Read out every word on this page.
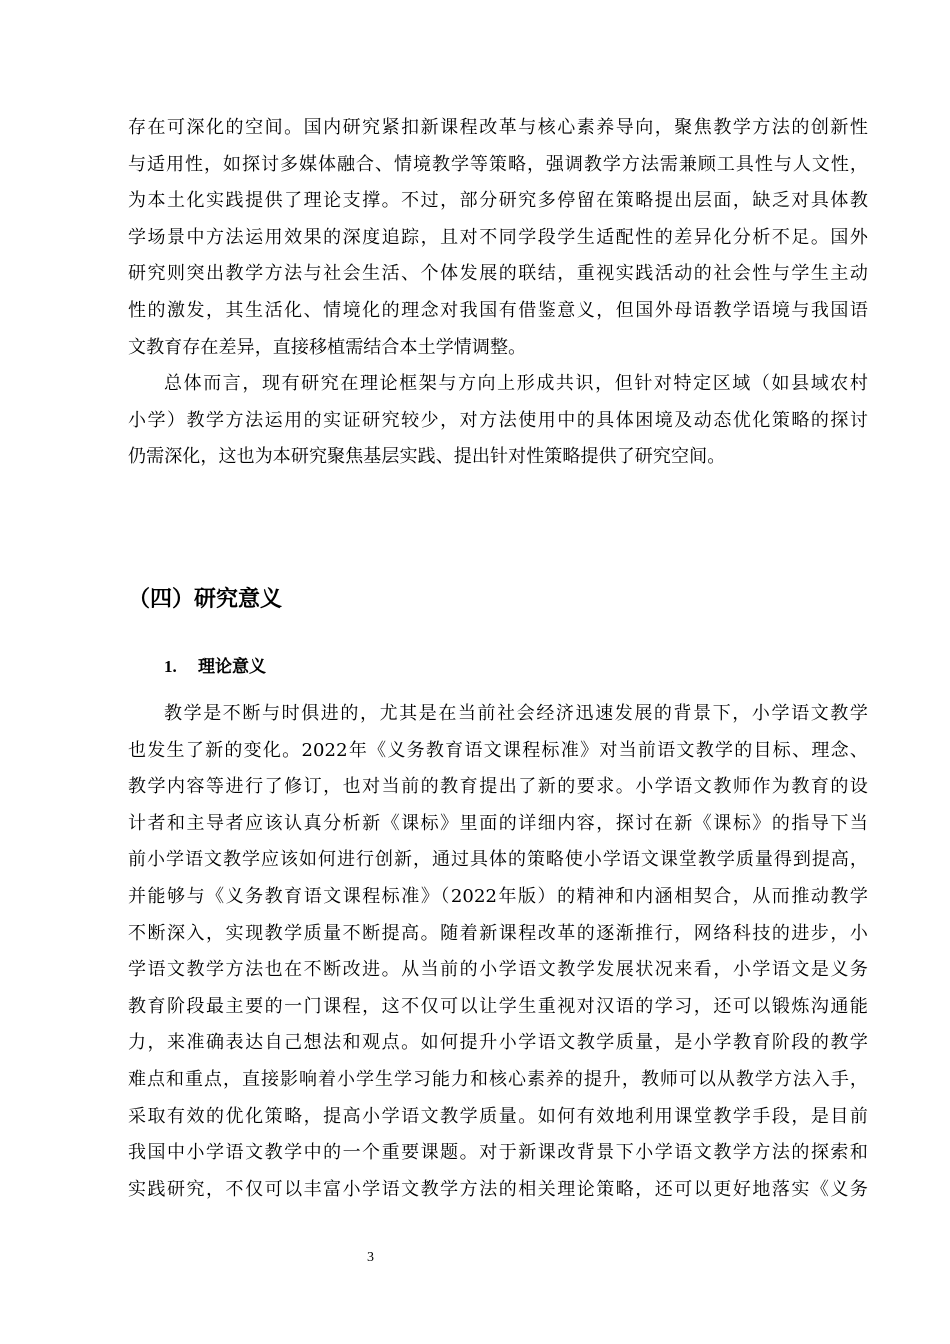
存在可深化的空间。国内研究紧扣新课程改革与核心素养导向，聚焦教学方法的创新性
与适用性，如探讨多媒体融合、情境教学等策略，强调教学方法需兼顾工具性与人文性，
为本土化实践提供了理论支撑。不过，部分研究多停留在策略提出层面，缺乏对具体教
学场景中方法运用效果的深度追踪，且对不同学段学生适配性的差异化分析不足。国外
研究则突出教学方法与社会生活、个体发展的联结，重视实践活动的社会性与学生主动
性的激发，其生活化、情境化的理念对我国有借鉴意义，但国外母语教学语境与我国语
文教育存在差异，直接移植需结合本土学情调整。
总体而言，现有研究在理论框架与方向上形成共识，但针对特定区域（如县域农村
小学）教学方法运用的实证研究较少，对方法使用中的具体困境及动态优化策略的探讨
仍需深化，这也为本研究聚焦基层实践、提出针对性策略提供了研究空间。
（四）研究意义
1. 理论意义
教学是不断与时俱进的，尤其是在当前社会经济迅速发展的背景下，小学语文教学
也发生了新的变化。2022年《义务教育语文课程标准》对当前语文教学的目标、理念、
教学内容等进行了修订，也对当前的教育提出了新的要求。小学语文教师作为教育的设
计者和主导者应该认真分析新《课标》里面的详细内容，探讨在新《课标》的指导下当
前小学语文教学应该如何进行创新，通过具体的策略使小学语文课堂教学质量得到提高，
并能够与《义务教育语文课程标准》（2022年版）的精神和内涵相契合，从而推动教学
不断深入，实现教学质量不断提高。随着新课程改革的逐渐推行，网络科技的进步，小
学语文教学方法也在不断改进。从当前的小学语文教学发展状况来看，小学语文是义务
教育阶段最主要的一门课程，这不仅可以让学生重视对汉语的学习，还可以锻炼沟通能
力，来准确表达自己想法和观点。如何提升小学语文教学质量，是小学教育阶段的教学
难点和重点，直接影响着小学生学习能力和核心素养的提升，教师可以从教学方法入手，
采取有效的优化策略，提高小学语文教学质量。如何有效地利用课堂教学手段，是目前
我国中小学语文教学中的一个重要课题。对于新课改背景下小学语文教学方法的探索和
实践研究，不仅可以丰富小学语文教学方法的相关理论策略，还可以更好地落实《义务
3
